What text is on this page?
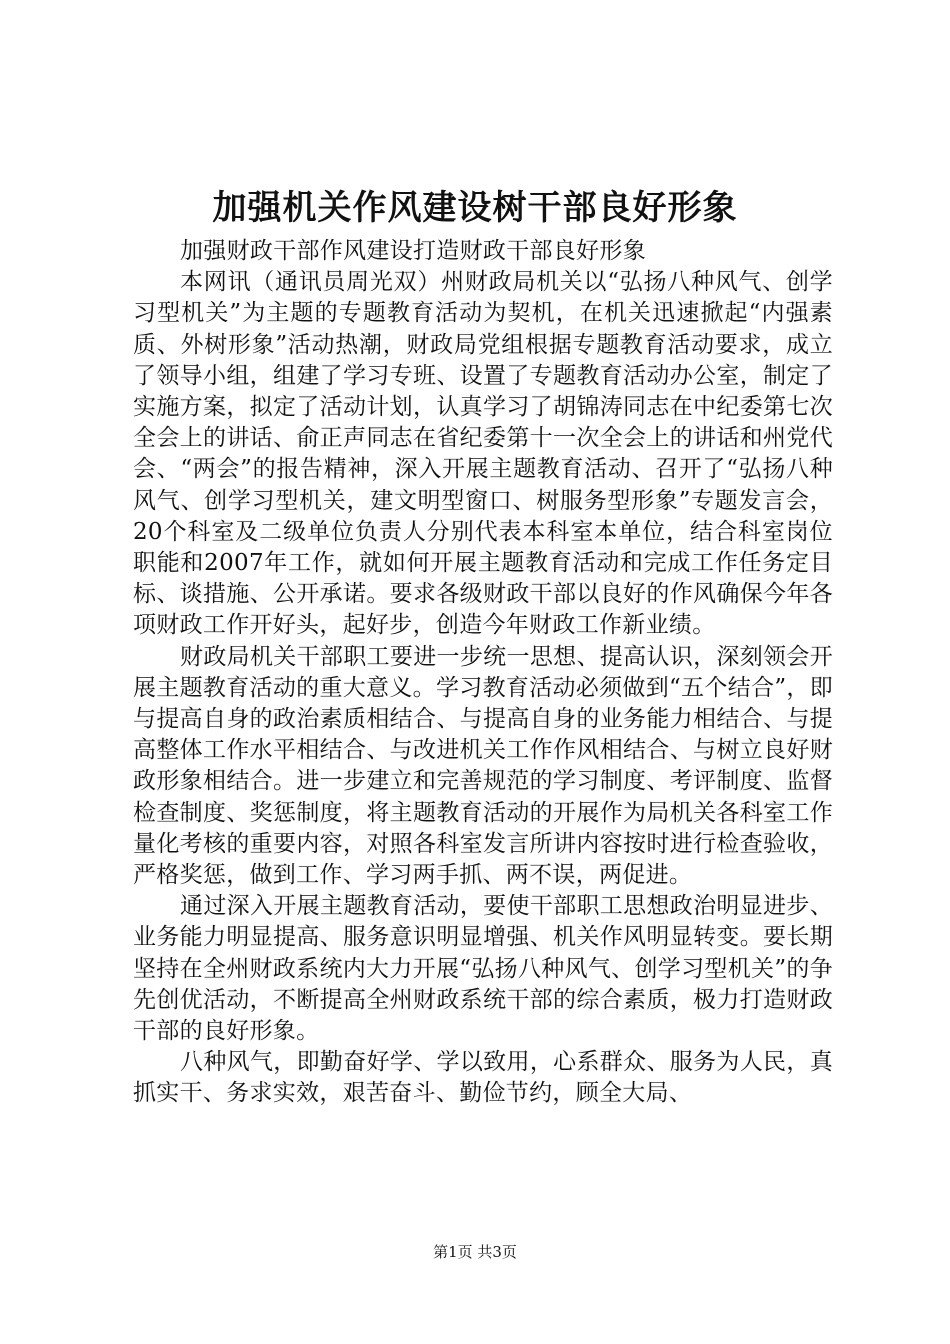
加强机关作风建设树干部良好形象

加强财政干部作风建设打造财政干部良好形象

本网讯（通讯员周光双）州财政局机关以“弘扬八种风气、创学习型机关”为主题的专题教育活动为契机，在机关迅速掀起“内强素质、外树形象”活动热潮，财政局党组根据专题教育活动要求，成立了领导小组，组建了学习专班、设置了专题教育活动办公室，制定了实施方案，拟定了活动计划，认真学习了胡锦涛同志在中纪委第七次全会上的讲话、俞正声同志在省纪委第十一次全会上的讲话和州党代会、“两会”的报告精神，深入开展主题教育活动、召开了“弘扬八种风气、创学习型机关，建文明型窗口、树服务型形象”专题发言会，20个科室及二级单位负责人分别代表本科室本单位，结合科室岗位职能和2007年工作，就如何开展主题教育活动和完成工作任务定目标、谈措施、公开承诺。要求各级财政干部以良好的作风确保今年各项财政工作开好头，起好步，创造今年财政工作新业绩。

财政局机关干部职工要进一步统一思想、提高认识，深刻领会开展主题教育活动的重大意义。学习教育活动必须做到“五个结合”，即与提高自身的政治素质相结合、与提高自身的业务能力相结合、与提高整体工作水平相结合、与改进机关工作作风相结合、与树立良好财政形象相结合。进一步建立和完善规范的学习制度、考评制度、监督检查制度、奖惩制度，将主题教育活动的开展作为局机关各科室工作量化考核的重要内容，对照各科室发言所讲内容按时进行检查验收，严格奖惩，做到工作、学习两手抓、两不误，两促进。

通过深入开展主题教育活动，要使干部职工思想政治明显进步、业务能力明显提高、服务意识明显增强、机关作风明显转变。要长期坚持在全州财政系统内大力开展“弘扬八种风气、创学习型机关”的争先创优活动，不断提高全州财政系统干部的综合素质，极力打造财政干部的良好形象。

八种风气，即勤奋好学、学以致用，心系群众、服务为人民，真抓实干、务求实效，艰苦奋斗、勤俭节约，顾全大局、

第1页 共3页
